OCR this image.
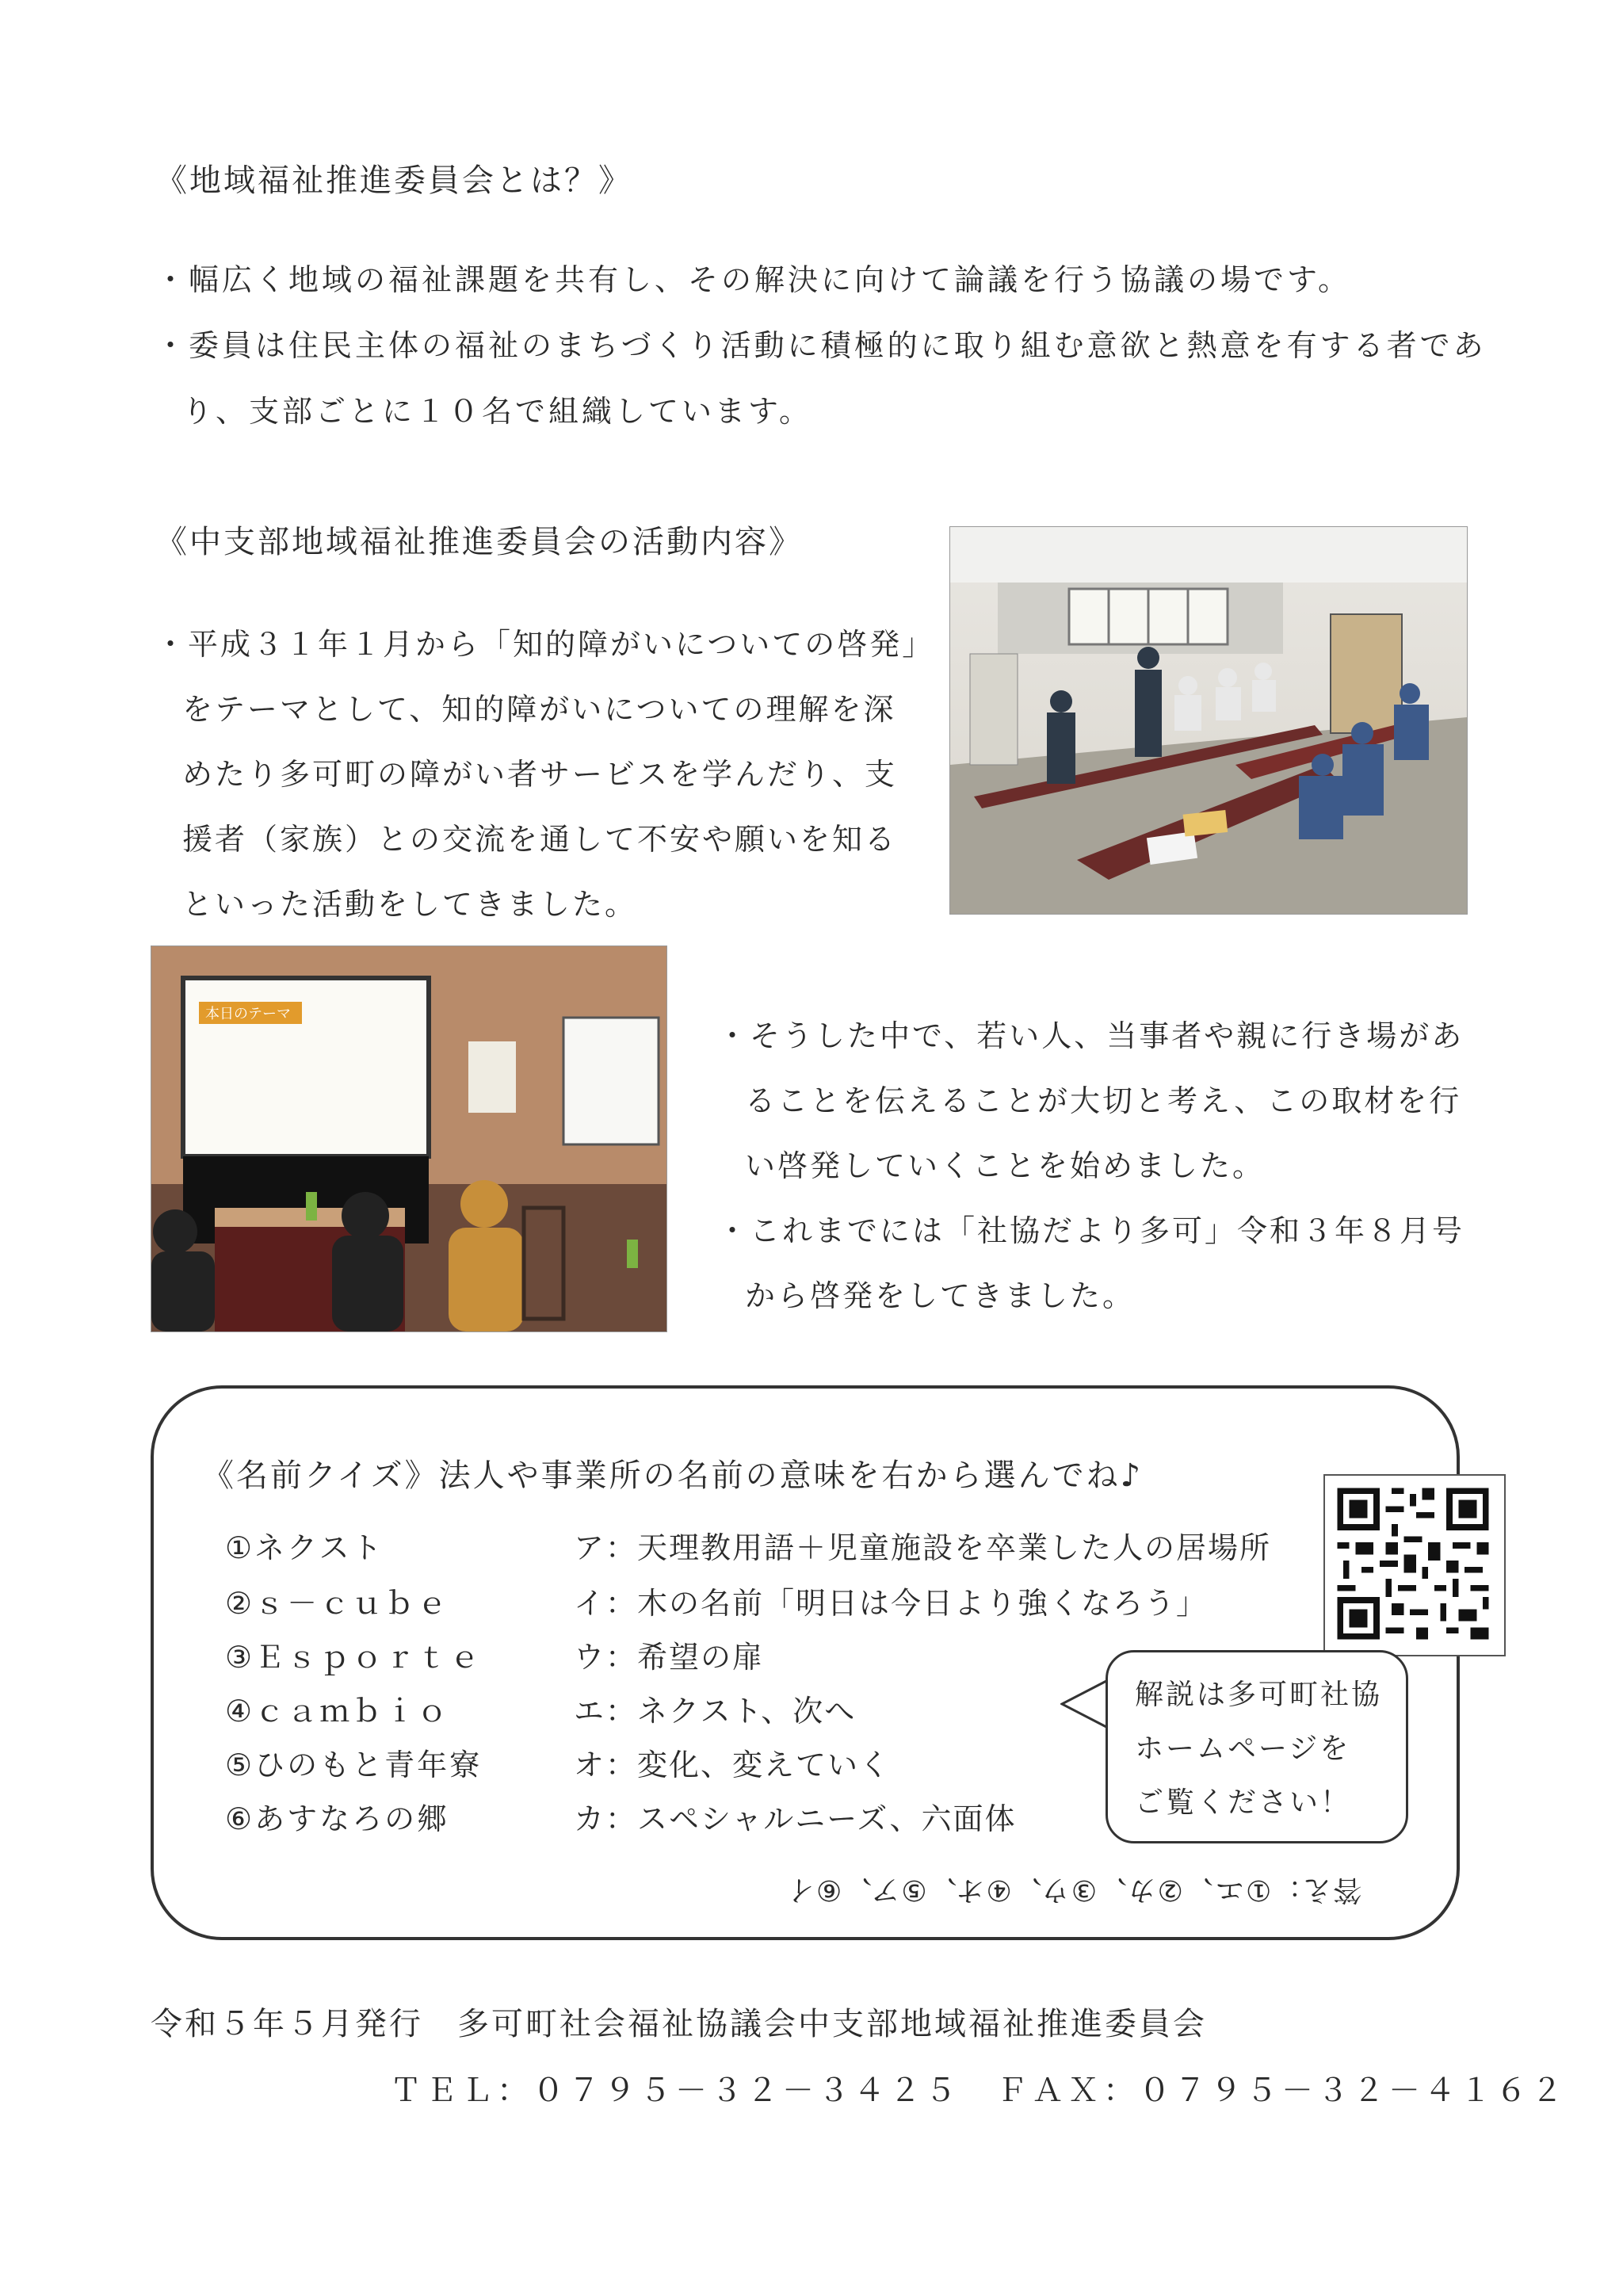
《地域福祉推進委員会とは？》
・幅広く地域の福祉課題を共有し、その解決に向けて論議を行う協議の場です。
・委員は住民主体の福祉のまちづくり活動に積極的に取り組む意欲と熱意を有する者であ
り、支部ごとに１０名で組織しています。
《中支部地域福祉推進委員会の活動内容》
・平成３１年１月から「知的障がいについての啓発」
をテーマとして、知的障がいについての理解を深
めたり多可町の障がい者サービスを学んだり、支
援者（家族）との交流を通して不安や願いを知る
といった活動をしてきました。
本日のテーマ
・そうした中で、若い人、当事者や親に行き場があ
ることを伝えることが大切と考え、この取材を行
い啓発していくことを始めました。
・これまでには「社協だより多可」令和３年８月号
から啓発をしてきました。
《名前クイズ》法人や事業所の名前の意味を右から選んでね♪
①ネクスト
②ｓ－ｃｕｂｅ
③Ｅｓｐｏｒｔｅ
④ｃａｍｂｉｏ
⑤ひのもと青年寮
⑥あすなろの郷
ア：天理教用語＋児童施設を卒業した人の居場所
イ：木の名前「明日は今日より強くなろう」
ウ：希望の扉
エ：ネクスト、次へ
オ：変化、変えていく
カ：スペシャルニーズ、六面体
解説は多可町社協
ホームページを
ご覧ください！
答え：①エ、②カ、③ウ、④オ、⑤ア、⑥イ
令和５年５月発行　多可町社会福祉協議会中支部地域福祉推進委員会
ＴＥＬ：０７９５－３２－３４２５　ＦＡＸ：０７９５－３２－４１６２
